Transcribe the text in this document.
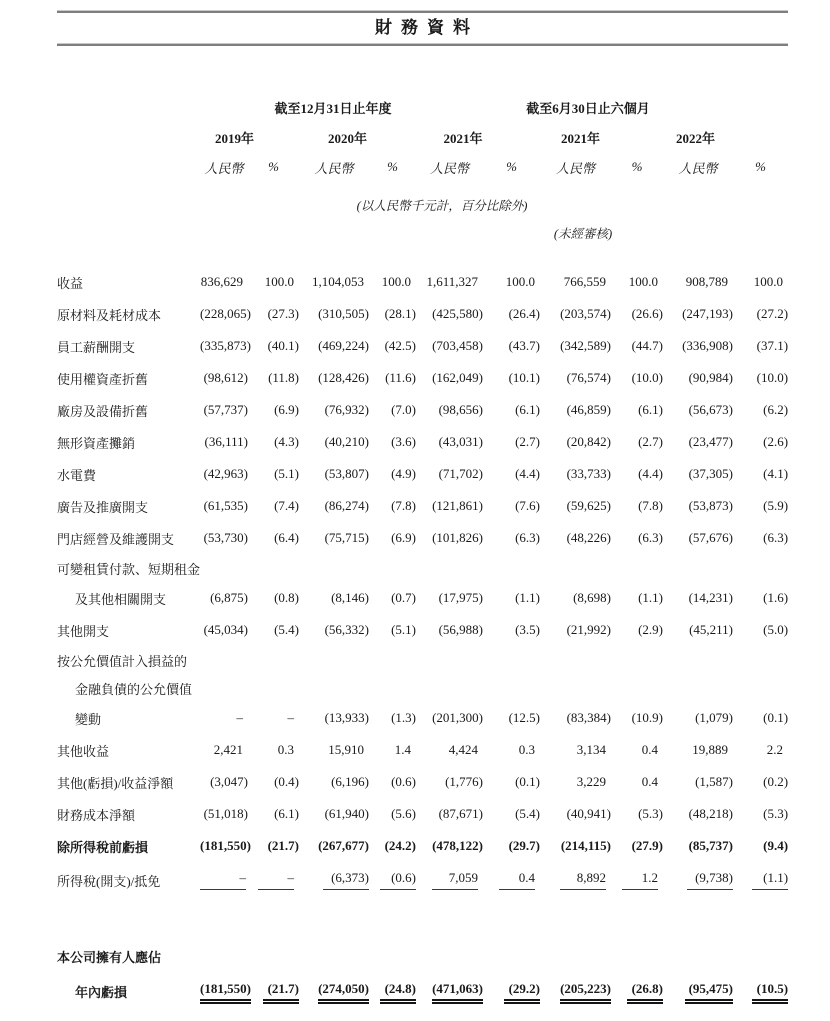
財務資料
(以人民幣千元計，百分比除外)
(未經審核)
	截至12月31日止年度						截至6月30日止六個月			
	2019年		2020年		2021年		2021年		2022年	
	人民幣	%	人民幣	%	人民幣	%	人民幣	%	人民幣	%

收益	836,629	100.0	1,104,053	100.0	1,611,327	100.0	766,559	100.0	908,789	100.0
原材料及耗材成本	(228,065)	(27.3)	(310,505)	(28.1)	(425,580)	(26.4)	(203,574)	(26.6)	(247,193)	(27.2)
員工薪酬開支	(335,873)	(40.1)	(469,224)	(42.5)	(703,458)	(43.7)	(342,589)	(44.7)	(336,908)	(37.1)
使用權資產折舊	(98,612)	(11.8)	(128,426)	(11.6)	(162,049)	(10.1)	(76,574)	(10.0)	(90,984)	(10.0)
廠房及設備折舊	(57,737)	(6.9)	(76,932)	(7.0)	(98,656)	(6.1)	(46,859)	(6.1)	(56,673)	(6.2)
無形資產攤銷	(36,111)	(4.3)	(40,210)	(3.6)	(43,031)	(2.7)	(20,842)	(2.7)	(23,477)	(2.6)
水電費	(42,963)	(5.1)	(53,807)	(4.9)	(71,702)	(4.4)	(33,733)	(4.4)	(37,305)	(4.1)
廣告及推廣開支	(61,535)	(7.4)	(86,274)	(7.8)	(121,861)	(7.6)	(59,625)	(7.8)	(53,873)	(5.9)
門店經營及維護開支	(53,730)	(6.4)	(75,715)	(6.9)	(101,826)	(6.3)	(48,226)	(6.3)	(57,676)	(6.3)
可變租賃付款、短期租金										
及其他相關開支	(6,875)	(0.8)	(8,146)	(0.7)	(17,975)	(1.1)	(8,698)	(1.1)	(14,231)	(1.6)
其他開支	(45,034)	(5.4)	(56,332)	(5.1)	(56,988)	(3.5)	(21,992)	(2.9)	(45,211)	(5.0)
按公允價值計入損益的										
金融負債的公允價值										
變動	–	–	(13,933)	(1.3)	(201,300)	(12.5)	(83,384)	(10.9)	(1,079)	(0.1)
其他收益	2,421	0.3	15,910	1.4	4,424	0.3	3,134	0.4	19,889	2.2
其他(虧損)/收益淨額	(3,047)	(0.4)	(6,196)	(0.6)	(1,776)	(0.1)	3,229	0.4	(1,587)	(0.2)
財務成本淨額	(51,018)	(6.1)	(61,940)	(5.6)	(87,671)	(5.4)	(40,941)	(5.3)	(48,218)	(5.3)
除所得稅前虧損	(181,550)	(21.7)	(267,677)	(24.2)	(478,122)	(29.7)	(214,115)	(27.9)	(85,737)	(9.4)
所得稅(開支)/抵免	–	–	(6,373)	(0.6)	7,059	0.4	8,892	1.2	(9,738)	(1.1)
本公司擁有人應佔										
年內虧損	(181,550)	(21.7)	(274,050)	(24.8)	(471,063)	(29.2)	(205,223)	(26.8)	(95,475)	(10.5)
